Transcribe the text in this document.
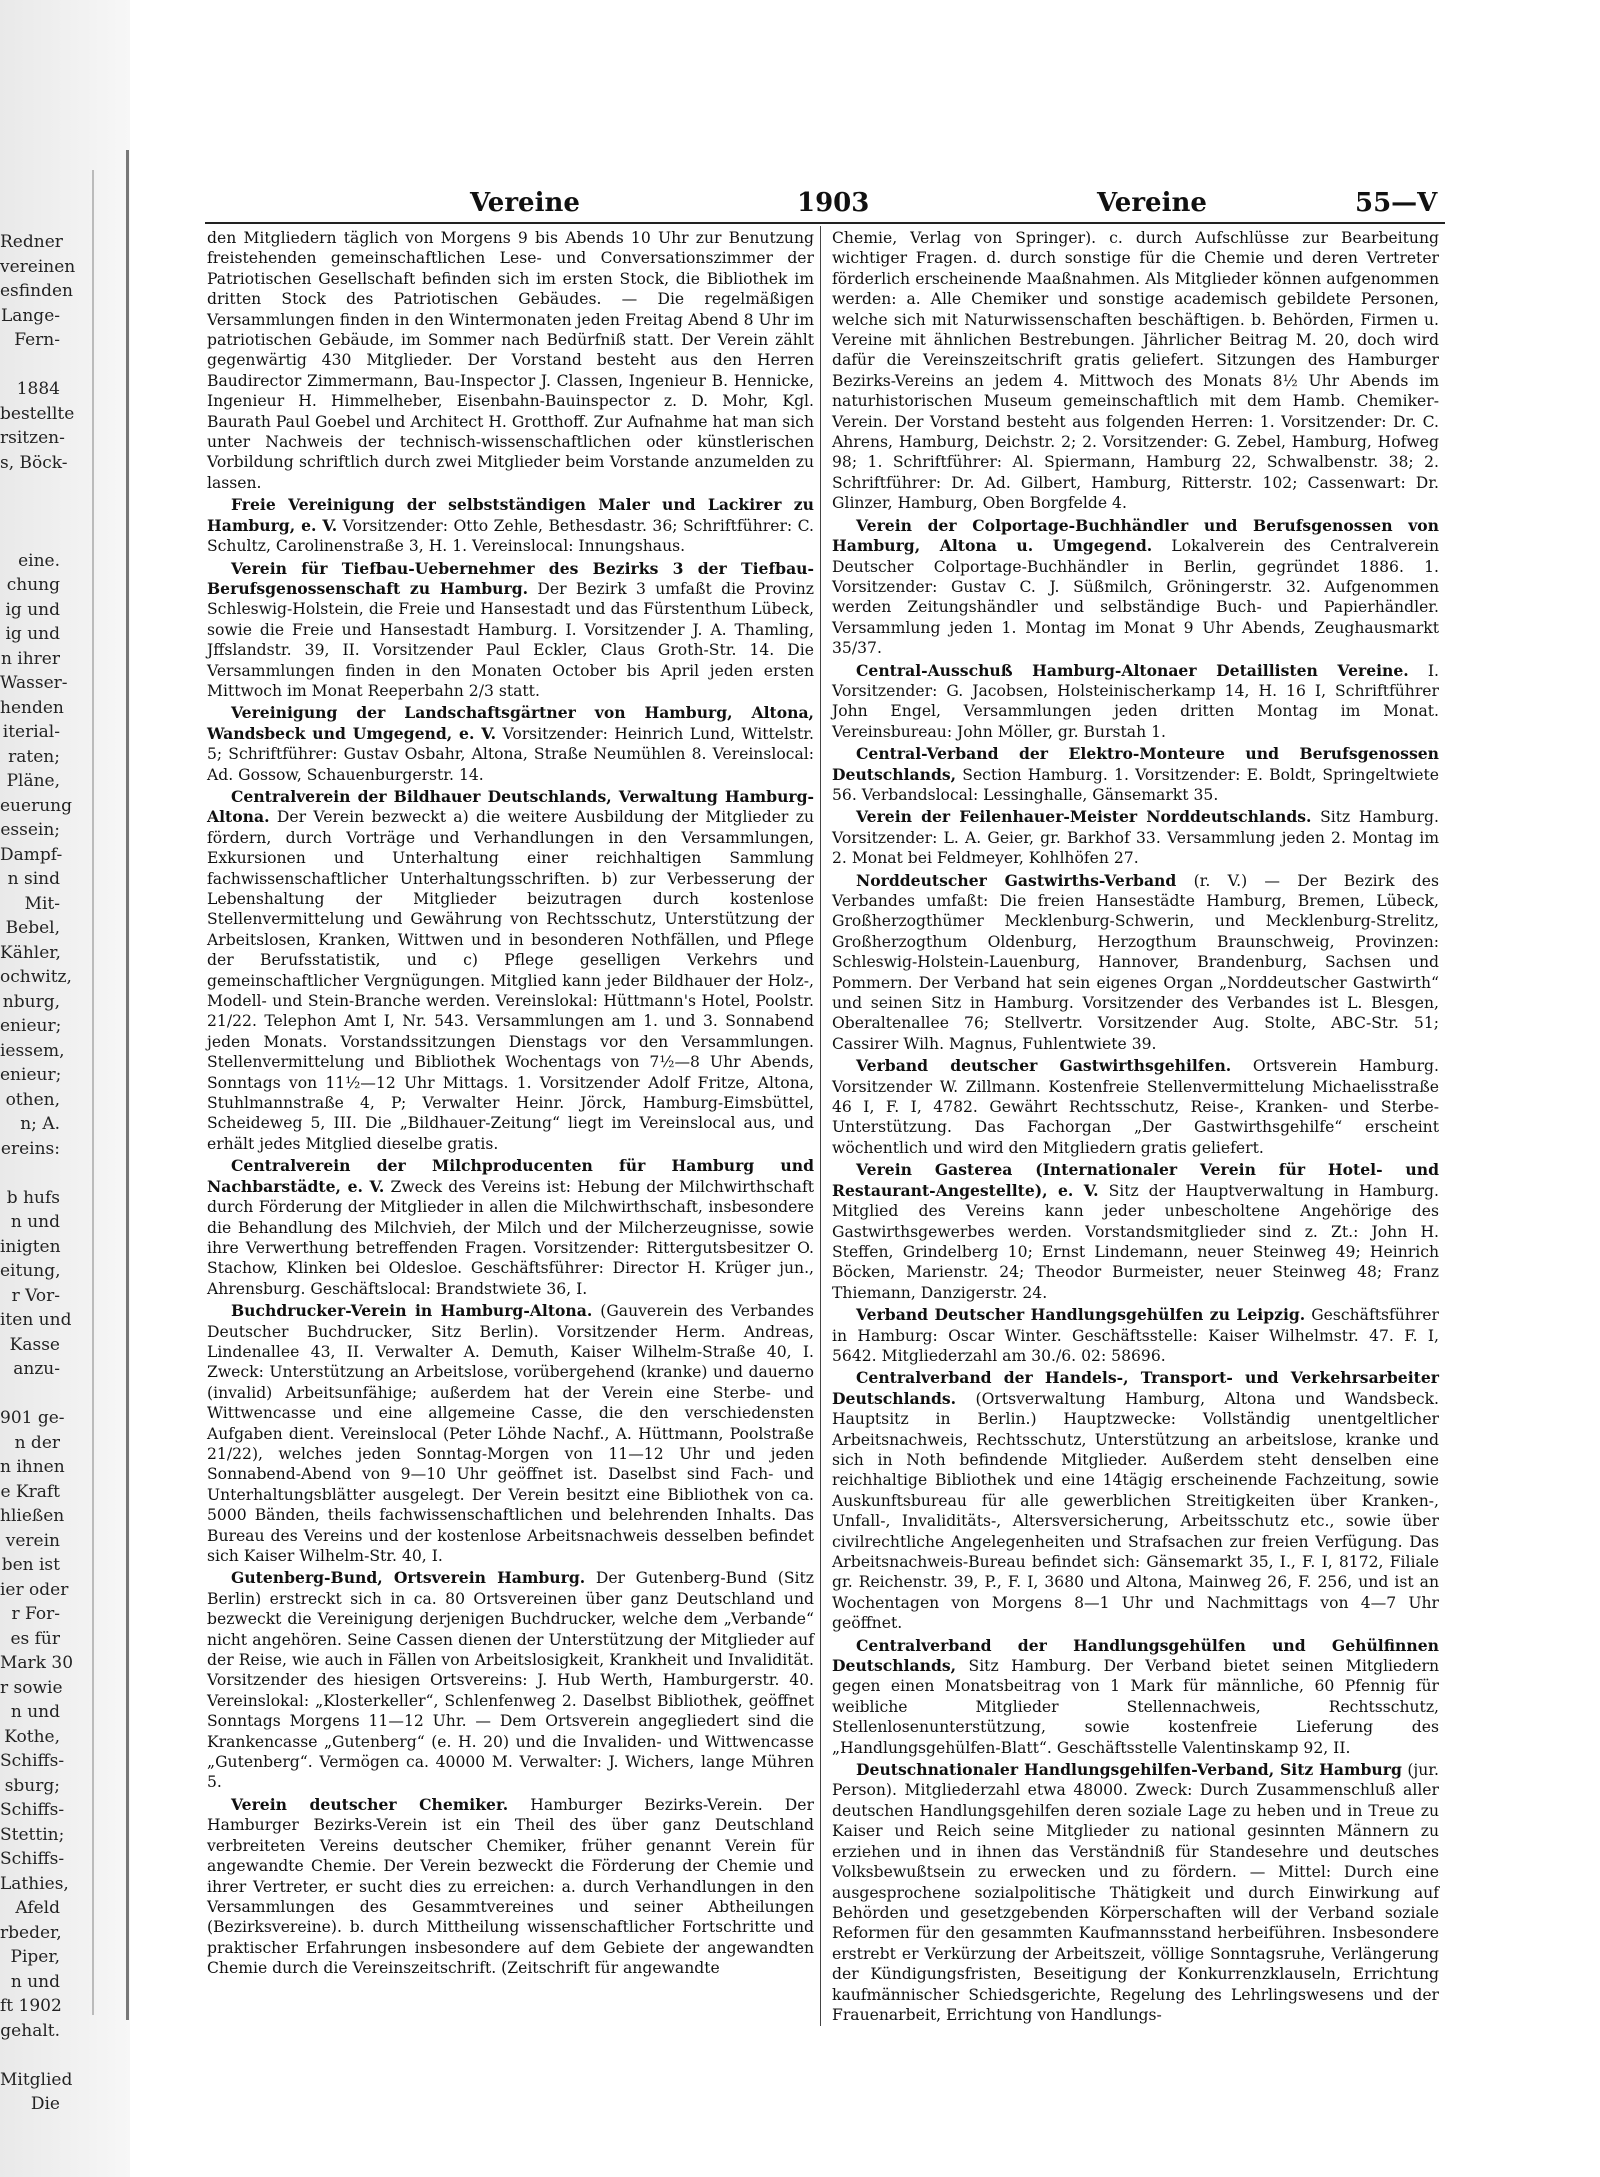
Redner
vereinen
esfinden
Lange-
Fern-
1884
bestellte
rsitzen-
s, Böck-
eine.
chung
ig und
ig und
n ihrer
Wasser-
henden
iterial-
raten;
Pläne,
euerung
essein;
Dampf-
n sind
Mit-
Bebel,
Kähler,
ochwitz,
nburg,
enieur;
iessem,
enieur;
othen,
n; A.
ereins:
b hufs
n und
inigten
eitung,
r Vor-
iten und
Kasse
anzu-
901 ge-
n der
n ihnen
e Kraft
hließen
verein
ben ist
ier oder
r For-
es für
Mark 30
r sowie
n und
Kothe,
Schiffs-
sburg;
Schiffs-
Stettin;
Schiffs-
Lathies,
Afeld
rbeder,
Piper,
n und
ft 1902
gehalt.
Mitglied
Die
Vereine	1903	Vereine	55—V

den Mitgliedern täglich von Morgens 9 bis Abends 10 Uhr zur Benutzung freistehenden gemeinschaftlichen Lese- und Conversationszimmer der Patriotischen Gesellschaft befinden sich im ersten Stock, die Bibliothek im dritten Stock des Patriotischen Gebäudes. — Die regelmäßigen Versammlungen finden in den Wintermonaten jeden Freitag Abend 8 Uhr im patriotischen Gebäude, im Sommer nach Bedürfniß statt. Der Verein zählt gegenwärtig 430 Mitglieder. Der Vorstand besteht aus den Herren Baudirector Zimmermann, Bau-Inspector J. Classen, Ingenieur B. Hennicke, Ingenieur H. Himmelheber, Eisenbahn-Bauinspector z. D. Mohr, Kgl. Baurath Paul Goebel und Architect H. Grotthoff. Zur Aufnahme hat man sich unter Nachweis der technisch-wissenschaftlichen oder künstlerischen Vorbildung schriftlich durch zwei Mitglieder beim Vorstande anzumelden zu lassen.

Freie Vereinigung der selbstständigen Maler und Lackirer zu Hamburg, e. V. Vorsitzender: Otto Zehle, Bethesdastr. 36; Schriftführer: C. Schultz, Carolinenstraße 3, H. 1. Vereinslocal: Innungshaus.

Verein für Tiefbau-Uebernehmer des Bezirks 3 der Tiefbau-Berufsgenossenschaft zu Hamburg. Der Bezirk 3 umfaßt die Provinz Schleswig-Holstein, die Freie und Hansestadt und das Fürstenthum Lübeck, sowie die Freie und Hansestadt Hamburg. I. Vorsitzender J. A. Thamling, Jffslandstr. 39, II. Vorsitzender Paul Eckler, Claus Groth-Str. 14. Die Versammlungen finden in den Monaten October bis April jeden ersten Mittwoch im Monat Reeperbahn 2/3 statt.

Vereinigung der Landschaftsgärtner von Hamburg, Altona, Wandsbeck und Umgegend, e. V. Vorsitzender: Heinrich Lund, Wittelstr. 5; Schriftführer: Gustav Osbahr, Altona, Straße Neumühlen 8. Vereinslocal: Ad. Gossow, Schauenburgerstr. 14.

Centralverein der Bildhauer Deutschlands, Verwaltung Hamburg-Altona. Der Verein bezweckt a) die weitere Ausbildung der Mitglieder zu fördern, durch Vorträge und Verhandlungen in den Versammlungen, Exkursionen und Unterhaltung einer reichhaltigen Sammlung fachwissenschaftlicher Unterhaltungsschriften. b) zur Verbesserung der Lebenshaltung der Mitglieder beizutragen durch kostenlose Stellenvermittelung und Gewährung von Rechtsschutz, Unterstützung der Arbeitslosen, Kranken, Wittwen und in besonderen Nothfällen, und Pflege der Berufsstatistik, und c) Pflege geselligen Verkehrs und gemeinschaftlicher Vergnügungen. Mitglied kann jeder Bildhauer der Holz-, Modell- und Stein-Branche werden. Vereinslokal: Hüttmann's Hotel, Poolstr. 21/22. Telephon Amt I, Nr. 543. Versammlungen am 1. und 3. Sonnabend jeden Monats. Vorstandssitzungen Dienstags vor den Versammlungen. Stellenvermittelung und Bibliothek Wochentags von 7½—8 Uhr Abends, Sonntags von 11½—12 Uhr Mittags. 1. Vorsitzender Adolf Fritze, Altona, Stuhlmannstraße 4, P; Verwalter Heinr. Jörck, Hamburg-Eimsbüttel, Scheideweg 5, III. Die „Bildhauer-Zeitung“ liegt im Vereinslocal aus, und erhält jedes Mitglied dieselbe gratis.

Centralverein der Milchproducenten für Hamburg und Nachbarstädte, e. V. Zweck des Vereins ist: Hebung der Milchwirthschaft durch Förderung der Mitglieder in allen die Milchwirthschaft, insbesondere die Behandlung des Milchvieh, der Milch und der Milcherzeugnisse, sowie ihre Verwerthung betreffenden Fragen. Vorsitzender: Rittergutsbesitzer O. Stachow, Klinken bei Oldesloe. Geschäftsführer: Director H. Krüger jun., Ahrensburg. Geschäftslocal: Brandstwiete 36, I.

Buchdrucker-Verein in Hamburg-Altona. (Gauverein des Verbandes Deutscher Buchdrucker, Sitz Berlin). Vorsitzender Herm. Andreas, Lindenallee 43, II. Verwalter A. Demuth, Kaiser Wilhelm-Straße 40, I. Zweck: Unterstützung an Arbeitslose, vorübergehend (kranke) und dauerno (invalid) Arbeitsunfähige; außerdem hat der Verein eine Sterbe- und Wittwencasse und eine allgemeine Casse, die den verschiedensten Aufgaben dient. Vereinslocal (Peter Löhde Nachf., A. Hüttmann, Poolstraße 21/22), welches jeden Sonntag-Morgen von 11—12 Uhr und jeden Sonnabend-Abend von 9—10 Uhr geöffnet ist. Daselbst sind Fach- und Unterhaltungsblätter ausgelegt. Der Verein besitzt eine Bibliothek von ca. 5000 Bänden, theils fachwissenschaftlichen und belehrenden Inhalts. Das Bureau des Vereins und der kostenlose Arbeitsnachweis desselben befindet sich Kaiser Wilhelm-Str. 40, I.

Gutenberg-Bund, Ortsverein Hamburg. Der Gutenberg-Bund (Sitz Berlin) erstreckt sich in ca. 80 Ortsvereinen über ganz Deutschland und bezweckt die Vereinigung derjenigen Buchdrucker, welche dem „Verbande“ nicht angehören. Seine Cassen dienen der Unterstützung der Mitglieder auf der Reise, wie auch in Fällen von Arbeitslosigkeit, Krankheit und Invalidität. Vorsitzender des hiesigen Ortsvereins: J. Hub Werth, Hamburgerstr. 40. Vereinslokal: „Klosterkeller“, Schlenfenweg 2. Daselbst Bibliothek, geöffnet Sonntags Morgens 11—12 Uhr. — Dem Ortsverein angegliedert sind die Krankencasse „Gutenberg“ (e. H. 20) und die Invaliden- und Wittwencasse „Gutenberg“. Vermögen ca. 40000 M. Verwalter: J. Wichers, lange Mühren 5.

Verein deutscher Chemiker. Hamburger Bezirks-Verein. Der Hamburger Bezirks-Verein ist ein Theil des über ganz Deutschland verbreiteten Vereins deutscher Chemiker, früher genannt Verein für angewandte Chemie. Der Verein bezweckt die Förderung der Chemie und ihrer Vertreter, er sucht dies zu erreichen: a. durch Verhandlungen in den Versammlungen des Gesammtvereines und seiner Abtheilungen (Bezirksvereine). b. durch Mittheilung wissenschaftlicher Fortschritte und praktischer Erfahrungen insbesondere auf dem Gebiete der angewandten Chemie durch die Vereinszeitschrift. (Zeitschrift für angewandte

Chemie, Verlag von Springer). c. durch Aufschlüsse zur Bearbeitung wichtiger Fragen. d. durch sonstige für die Chemie und deren Vertreter förderlich erscheinende Maaßnahmen. Als Mitglieder können aufgenommen werden: a. Alle Chemiker und sonstige academisch gebildete Personen, welche sich mit Naturwissenschaften beschäftigen. b. Behörden, Firmen u. Vereine mit ähnlichen Bestrebungen. Jährlicher Beitrag M. 20, doch wird dafür die Vereinszeitschrift gratis geliefert. Sitzungen des Hamburger Bezirks-Vereins an jedem 4. Mittwoch des Monats 8½ Uhr Abends im naturhistorischen Museum gemeinschaftlich mit dem Hamb. Chemiker-Verein. Der Vorstand besteht aus folgenden Herren: 1. Vorsitzender: Dr. C. Ahrens, Hamburg, Deichstr. 2; 2. Vorsitzender: G. Zebel, Hamburg, Hofweg 98; 1. Schriftführer: Al. Spiermann, Hamburg 22, Schwalbenstr. 38; 2. Schriftführer: Dr. Ad. Gilbert, Hamburg, Ritterstr. 102; Cassenwart: Dr. Glinzer, Hamburg, Oben Borgfelde 4.

Verein der Colportage-Buchhändler und Berufsgenossen von Hamburg, Altona u. Umgegend. Lokalverein des Centralverein Deutscher Colportage-Buchhändler in Berlin, gegründet 1886. 1. Vorsitzender: Gustav C. J. Süßmilch, Gröningerstr. 32. Aufgenommen werden Zeitungshändler und selbständige Buch- und Papierhändler. Versammlung jeden 1. Montag im Monat 9 Uhr Abends, Zeughausmarkt 35/37.

Central-Ausschuß Hamburg-Altonaer Detaillisten Vereine. I. Vorsitzender: G. Jacobsen, Holsteinischerkamp 14, H. 16 I, Schriftführer John Engel, Versammlungen jeden dritten Montag im Monat. Vereinsbureau: John Möller, gr. Burstah 1.

Central-Verband der Elektro-Monteure und Berufsgenossen Deutschlands, Section Hamburg. 1. Vorsitzender: E. Boldt, Springeltwiete 56. Verbandslocal: Lessinghalle, Gänsemarkt 35.

Verein der Feilenhauer-Meister Norddeutschlands. Sitz Hamburg. Vorsitzender: L. A. Geier, gr. Barkhof 33. Versammlung jeden 2. Montag im 2. Monat bei Feldmeyer, Kohlhöfen 27.

Norddeutscher Gastwirths-Verband (r. V.) — Der Bezirk des Verbandes umfaßt: Die freien Hansestädte Hamburg, Bremen, Lübeck, Großherzogthümer Mecklenburg-Schwerin, und Mecklenburg-Strelitz, Großherzogthum Oldenburg, Herzogthum Braunschweig, Provinzen: Schleswig-Holstein-Lauenburg, Hannover, Brandenburg, Sachsen und Pommern. Der Verband hat sein eigenes Organ „Norddeutscher Gastwirth“ und seinen Sitz in Hamburg. Vorsitzender des Verbandes ist L. Blesgen, Oberaltenallee 76; Stellvertr. Vorsitzender Aug. Stolte, ABC-Str. 51; Cassirer Wilh. Magnus, Fuhlentwiete 39.

Verband deutscher Gastwirthsgehilfen. Ortsverein Hamburg. Vorsitzender W. Zillmann. Kostenfreie Stellenvermittelung Michaelisstraße 46 I, F. I, 4782. Gewährt Rechtsschutz, Reise-, Kranken- und Sterbe-Unterstützung. Das Fachorgan „Der Gastwirthsgehilfe“ erscheint wöchentlich und wird den Mitgliedern gratis geliefert.

Verein Gasterea (Internationaler Verein für Hotel- und Restaurant-Angestellte), e. V. Sitz der Hauptverwaltung in Hamburg. Mitglied des Vereins kann jeder unbescholtene Angehörige des Gastwirthsgewerbes werden. Vorstandsmitglieder sind z. Zt.: John H. Steffen, Grindelberg 10; Ernst Lindemann, neuer Steinweg 49; Heinrich Böcken, Marienstr. 24; Theodor Burmeister, neuer Steinweg 48; Franz Thiemann, Danzigerstr. 24.

Verband Deutscher Handlungsgehülfen zu Leipzig. Geschäftsführer in Hamburg: Oscar Winter. Geschäftsstelle: Kaiser Wilhelmstr. 47. F. I, 5642. Mitgliederzahl am 30./6. 02: 58696.

Centralverband der Handels-, Transport- und Verkehrsarbeiter Deutschlands. (Ortsverwaltung Hamburg, Altona und Wandsbeck. Hauptsitz in Berlin.) Hauptzwecke: Vollständig unentgeltlicher Arbeitsnachweis, Rechtsschutz, Unterstützung an arbeitslose, kranke und sich in Noth befindende Mitglieder. Außerdem steht denselben eine reichhaltige Bibliothek und eine 14tägig erscheinende Fachzeitung, sowie Auskunftsbureau für alle gewerblichen Streitigkeiten über Kranken-, Unfall-, Invaliditäts-, Altersversicherung, Arbeitsschutz etc., sowie über civilrechtliche Angelegenheiten und Strafsachen zur freien Verfügung. Das Arbeitsnachweis-Bureau befindet sich: Gänsemarkt 35, I., F. I, 8172, Filiale gr. Reichenstr. 39, P., F. I, 3680 und Altona, Mainweg 26, F. 256, und ist an Wochentagen von Morgens 8—1 Uhr und Nachmittags von 4—7 Uhr geöffnet.

Centralverband der Handlungsgehülfen und Gehülfinnen Deutschlands, Sitz Hamburg. Der Verband bietet seinen Mitgliedern gegen einen Monatsbeitrag von 1 Mark für männliche, 60 Pfennig für weibliche Mitglieder Stellennachweis, Rechtsschutz, Stellenlosenunterstützung, sowie kostenfreie Lieferung des „Handlungsgehülfen-Blatt“. Geschäftsstelle Valentinskamp 92, II.

Deutschnationaler Handlungsgehilfen-Verband, Sitz Hamburg (jur. Person). Mitgliederzahl etwa 48000. Zweck: Durch Zusammenschluß aller deutschen Handlungsgehilfen deren soziale Lage zu heben und in Treue zu Kaiser und Reich seine Mitglieder zu national gesinnten Männern zu erziehen und in ihnen das Verständniß für Standesehre und deutsches Volksbewußtsein zu erwecken und zu fördern. — Mittel: Durch eine ausgesprochene sozialpolitische Thätigkeit und durch Einwirkung auf Behörden und gesetzgebenden Körperschaften will der Verband soziale Reformen für den gesammten Kaufmannsstand herbeiführen. Insbesondere erstrebt er Verkürzung der Arbeitszeit, völlige Sonntagsruhe, Verlängerung der Kündigungsfristen, Beseitigung der Konkurrenzklauseln, Errichtung kaufmännischer Schiedsgerichte, Regelung des Lehrlingswesens und der Frauenarbeit, Errichtung von Handlungs-
